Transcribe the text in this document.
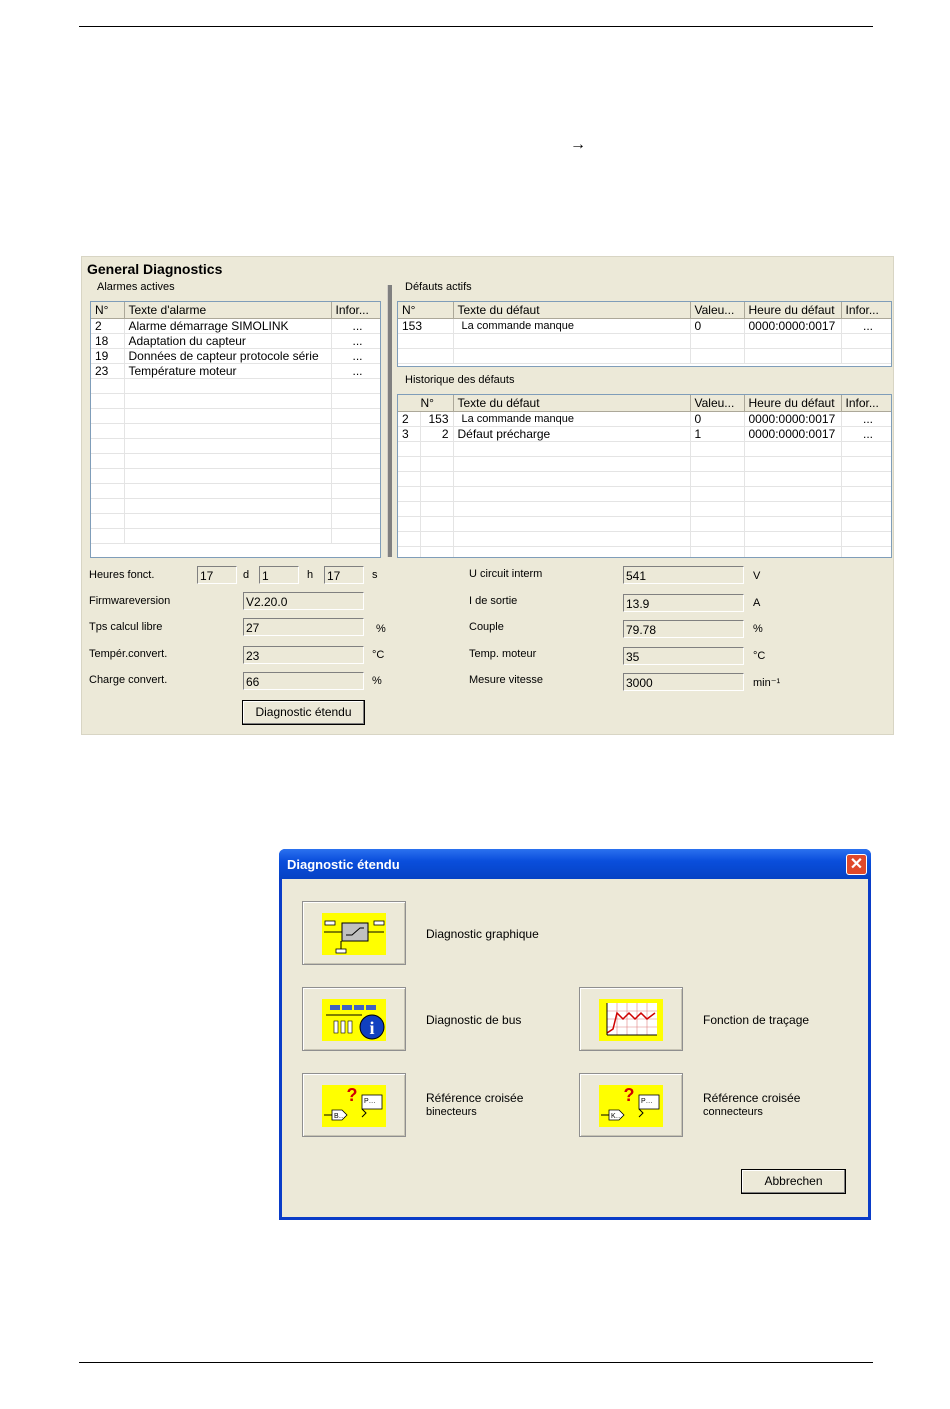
→
General Diagnostics
Alarmes actives
N°	Texte d'alarme	Infor...
2	Alarme démarrage SIMOLINK	...
18	Adaptation du capteur	...
19	Données de capteur protocole série	...
23	Température moteur	...

Défauts actifs
N°	Texte du défaut	Valeu...	Heure du défaut	Infor...
153	La commande manque	0	0000:0000:0017	...

Historique des défauts
N°		Texte du défaut	Valeu...	Heure du défaut	Infor...
2	153	La commande manque	0	0000:0000:0017	...
3	2	Défaut précharge	1	0000:0000:0017	...

Heures fonct.	17	d 1	h 17	s
Firmwareversion	V2.20.0
Tps calcul libre	27	%
Tempér.convert.	23	°C
Charge convert.	66	%
Diagnostic étendu
U circuit interm	541	V
I de sortie	13.9	A
Couple	79.78	%
Temp. moteur	35	°C
Mesure vitesse	3000	min⁻¹
Diagnostic étendu	✕
Diagnostic graphique
i	Diagnostic de bus	Fonction de traçage
? P…
B…
Référence croisée
binecteurs
? P…
K…
Référence croisée
connecteurs
Abbrechen
